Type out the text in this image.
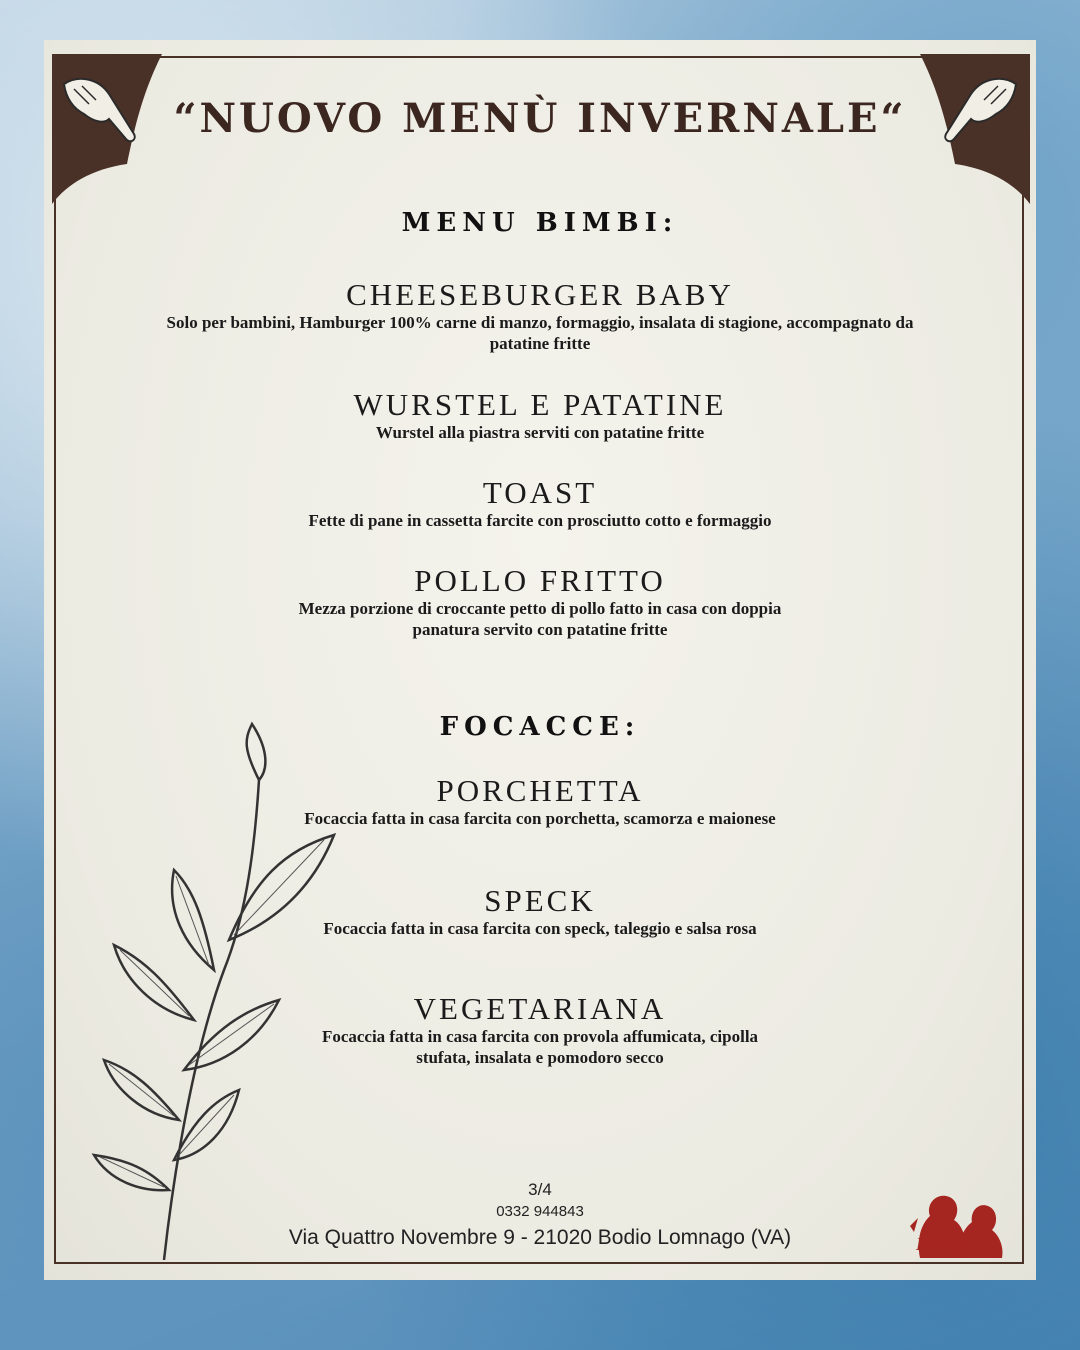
“NUOVO MENÙ INVERNALE“
MENU BIMBI:
CHEESEBURGER BABY
Solo per bambini, Hamburger 100% carne di manzo, formaggio, insalata di stagione, accompagnato da patatine fritte
WURSTEL E PATATINE
Wurstel alla piastra serviti con patatine fritte
TOAST
Fette di pane in cassetta farcite con prosciutto cotto e formaggio
POLLO FRITTO
Mezza porzione di croccante petto di pollo fatto in casa con doppia panatura servito con patatine fritte
FOCACCE:
PORCHETTA
Focaccia fatta in casa farcita con porchetta, scamorza e maionese
SPECK
Focaccia fatta in casa farcita con speck, taleggio e salsa rosa
VEGETARIANA
Focaccia fatta in casa farcita con provola affumicata, cipolla stufata, insalata e pomodoro secco
3/4
0332 944843
Via Quattro Novembre 9 - 21020 Bodio Lomnago (VA)	Le Pine
